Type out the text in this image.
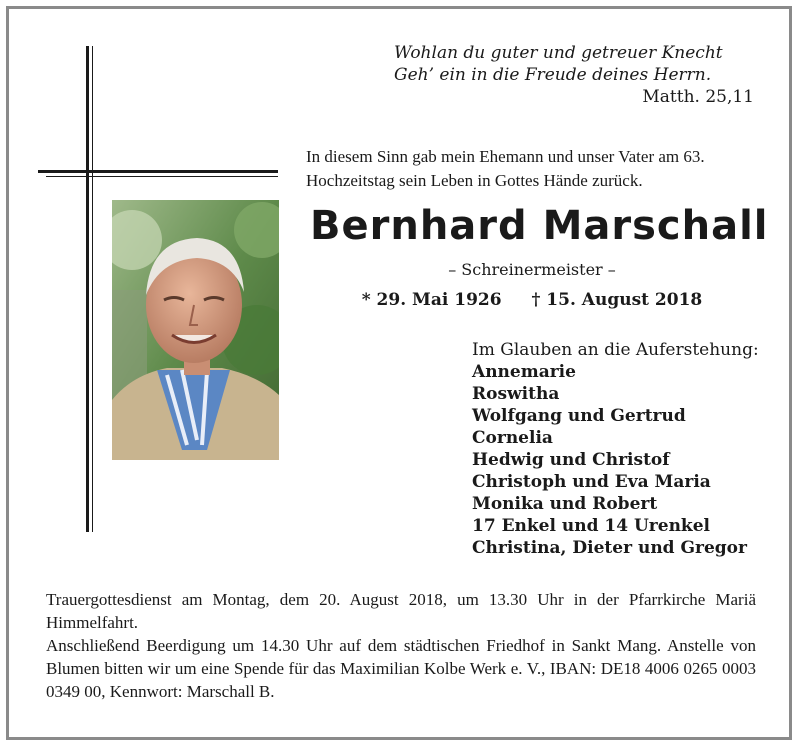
Wohlan du guter und getreuer Knecht
Geh’ ein in die Freude deines Herrn.
Matth. 25,11
In diesem Sinn gab mein Ehemann und unser Vater am 63. Hochzeitstag sein Leben in Gottes Hände zurück.
Bernhard Marschall
– Schreinermeister –
* 29. Mai 1926 † 15. August 2018
Im Glauben an die Auferstehung:
Annemarie
Roswitha
Wolfgang und Gertrud
Cornelia
Hedwig und Christof
Christoph und Eva Maria
Monika und Robert
17 Enkel und 14 Urenkel
Christina, Dieter und Gregor

Trauergottesdienst am Montag, dem 20. August 2018, um 13.30 Uhr in der Pfarrkirche Mariä Himmelfahrt.

Anschließend Beerdigung um 14.30 Uhr auf dem städtischen Friedhof in Sankt Mang. Anstelle von Blumen bitten wir um eine Spende für das Maximilian Kolbe Werk e. V., IBAN: DE18 4006 0265 0003 0349 00, Kennwort: Marschall B.
